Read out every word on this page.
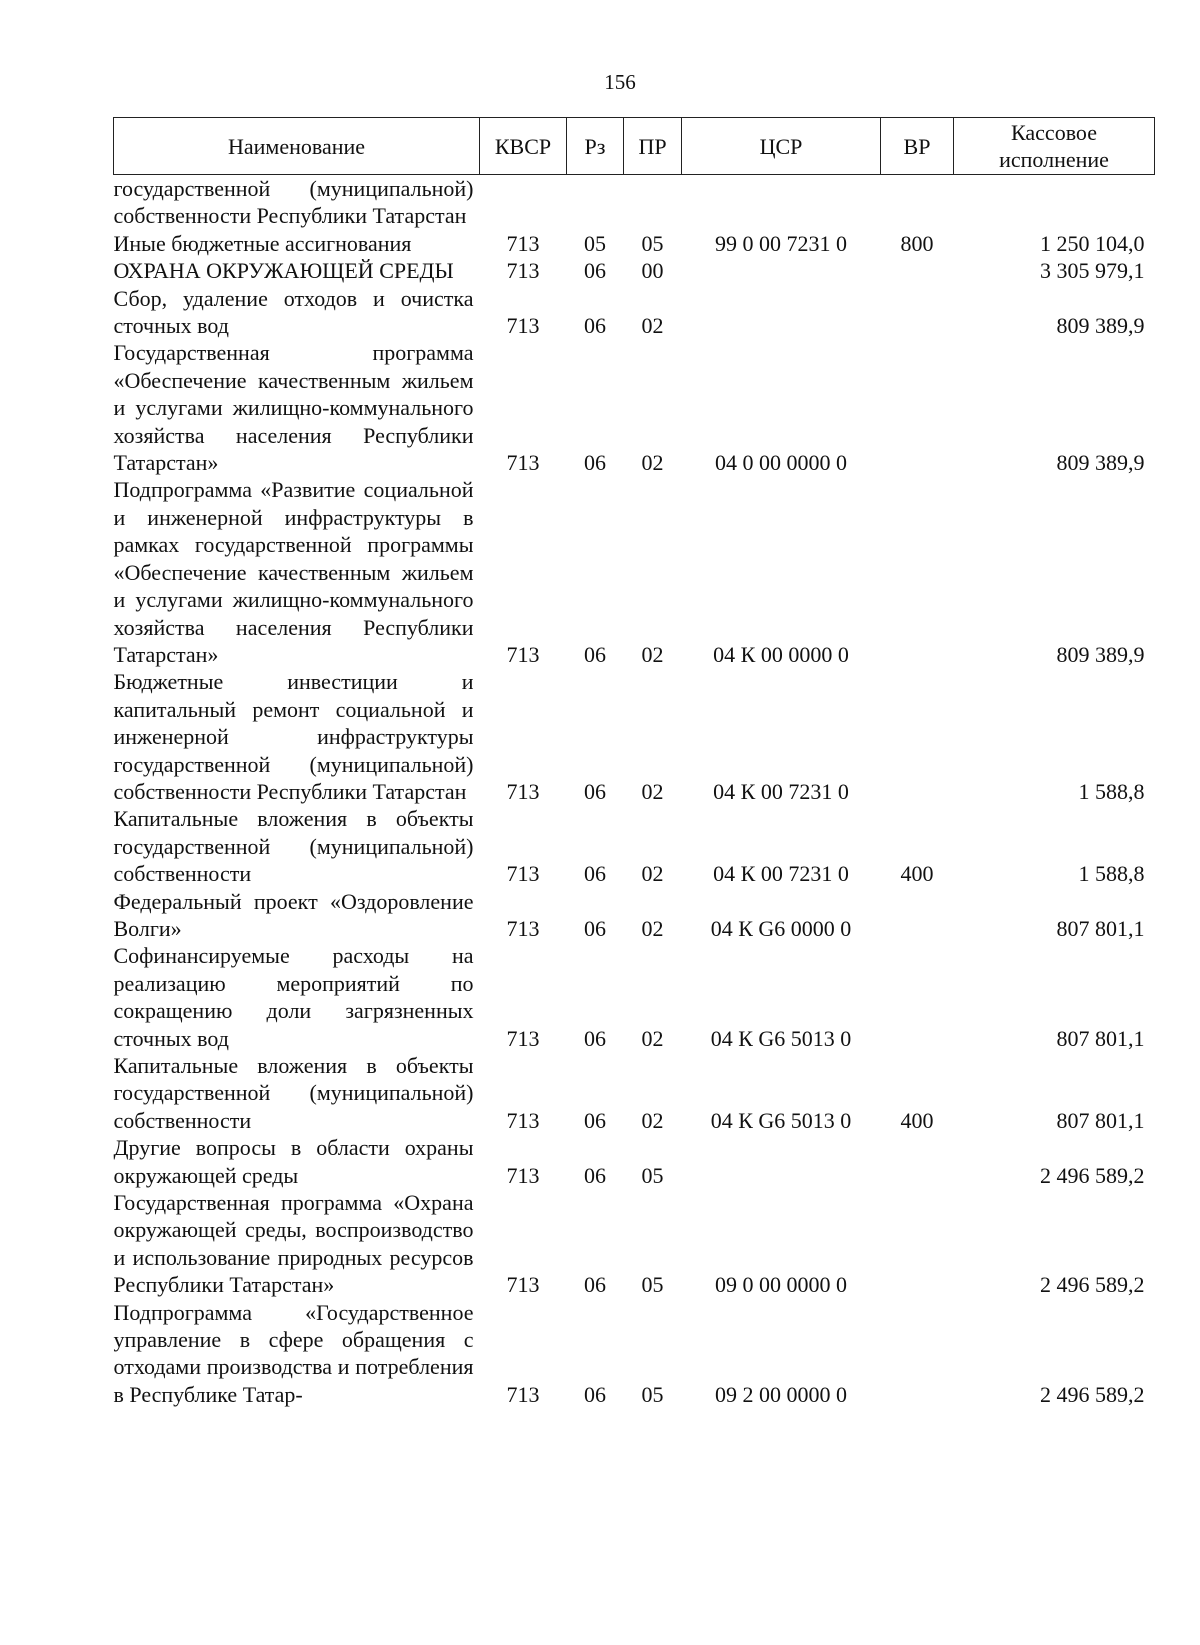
156
Наименование	КВСР	Рз	ПР	ЦСР	ВР	Кассовое исполнение
государственной (муниципальной) собственности Республики Татарстан						
Иные бюджетные ассигнования	713	05	05	99 0 00 7231 0	800	1 250 104,0
ОХРАНА ОКРУЖАЮЩЕЙ СРЕДЫ	713	06	00			3 305 979,1
Сбор, удаление отходов и очистка сточных вод	713	06	02			809 389,9
Государственная программа «Обеспечение качественным жильем и услугами жилищно-коммунального хозяйства населения Республики Татарстан»	713	06	02	04 0 00 0000 0		809 389,9
Подпрограмма «Развитие социальной и инженерной инфраструктуры в рамках государственной программы «Обеспечение качественным жильем и услугами жилищно-коммунального хозяйства населения Республики Татарстан»	713	06	02	04 К 00 0000 0		809 389,9
Бюджетные инвестиции и капитальный ремонт социальной и инженерной инфраструктуры государственной (муниципальной) собственности Республики Татарстан	713	06	02	04 К 00 7231 0		1 588,8
Капитальные вложения в объекты государственной (муниципальной) собственности	713	06	02	04 К 00 7231 0	400	1 588,8
Федеральный проект «Оздоровление Волги»	713	06	02	04 К G6 0000 0		807 801,1
Софинансируемые расходы на реализацию мероприятий по сокращению доли загрязненных сточных вод	713	06	02	04 К G6 5013 0		807 801,1
Капитальные вложения в объекты государственной (муниципальной) собственности	713	06	02	04 К G6 5013 0	400	807 801,1
Другие вопросы в области охраны окружающей среды	713	06	05			2 496 589,2
Государственная программа «Охрана окружающей среды, воспроизводство и использование природных ресурсов Республики Татарстан»	713	06	05	09 0 00 0000 0		2 496 589,2
Подпрограмма «Государственное управление в сфере обращения с отходами производства и потребления в Республике Татар-	713	06	05	09 2 00 0000 0		2 496 589,2
